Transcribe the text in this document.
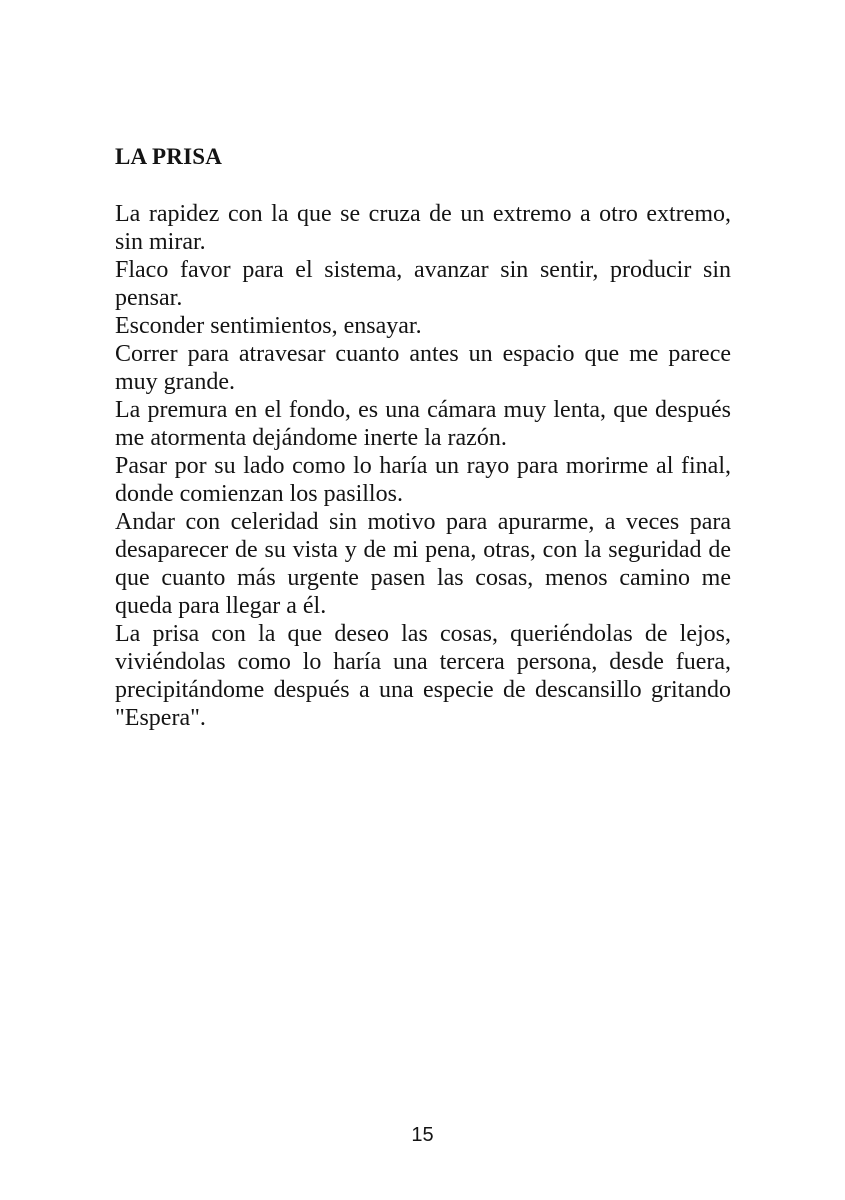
LA PRISA
La rapidez con la que se cruza de un extremo a otro extremo,
sin mirar.
Flaco favor para el sistema, avanzar sin sentir, producir sin
pensar.
Esconder sentimientos, ensayar.
Correr para atravesar cuanto antes un espacio que me parece
muy grande.
La premura en el fondo, es una cámara muy lenta, que después
me atormenta dejándome inerte la razón.
Pasar por su lado como lo haría un rayo para morirme al final,
donde comienzan los pasillos.
Andar con celeridad sin motivo para apurarme, a veces para
desaparecer de su vista y de mi pena, otras, con la seguridad de
que cuanto más urgente pasen las cosas, menos camino me
queda para llegar a él.
La prisa con la que deseo las cosas, queriéndolas de lejos,
viviéndolas como lo haría una tercera persona, desde fuera,
precipitándome después a una especie de descansillo gritando
"Espera".
15
